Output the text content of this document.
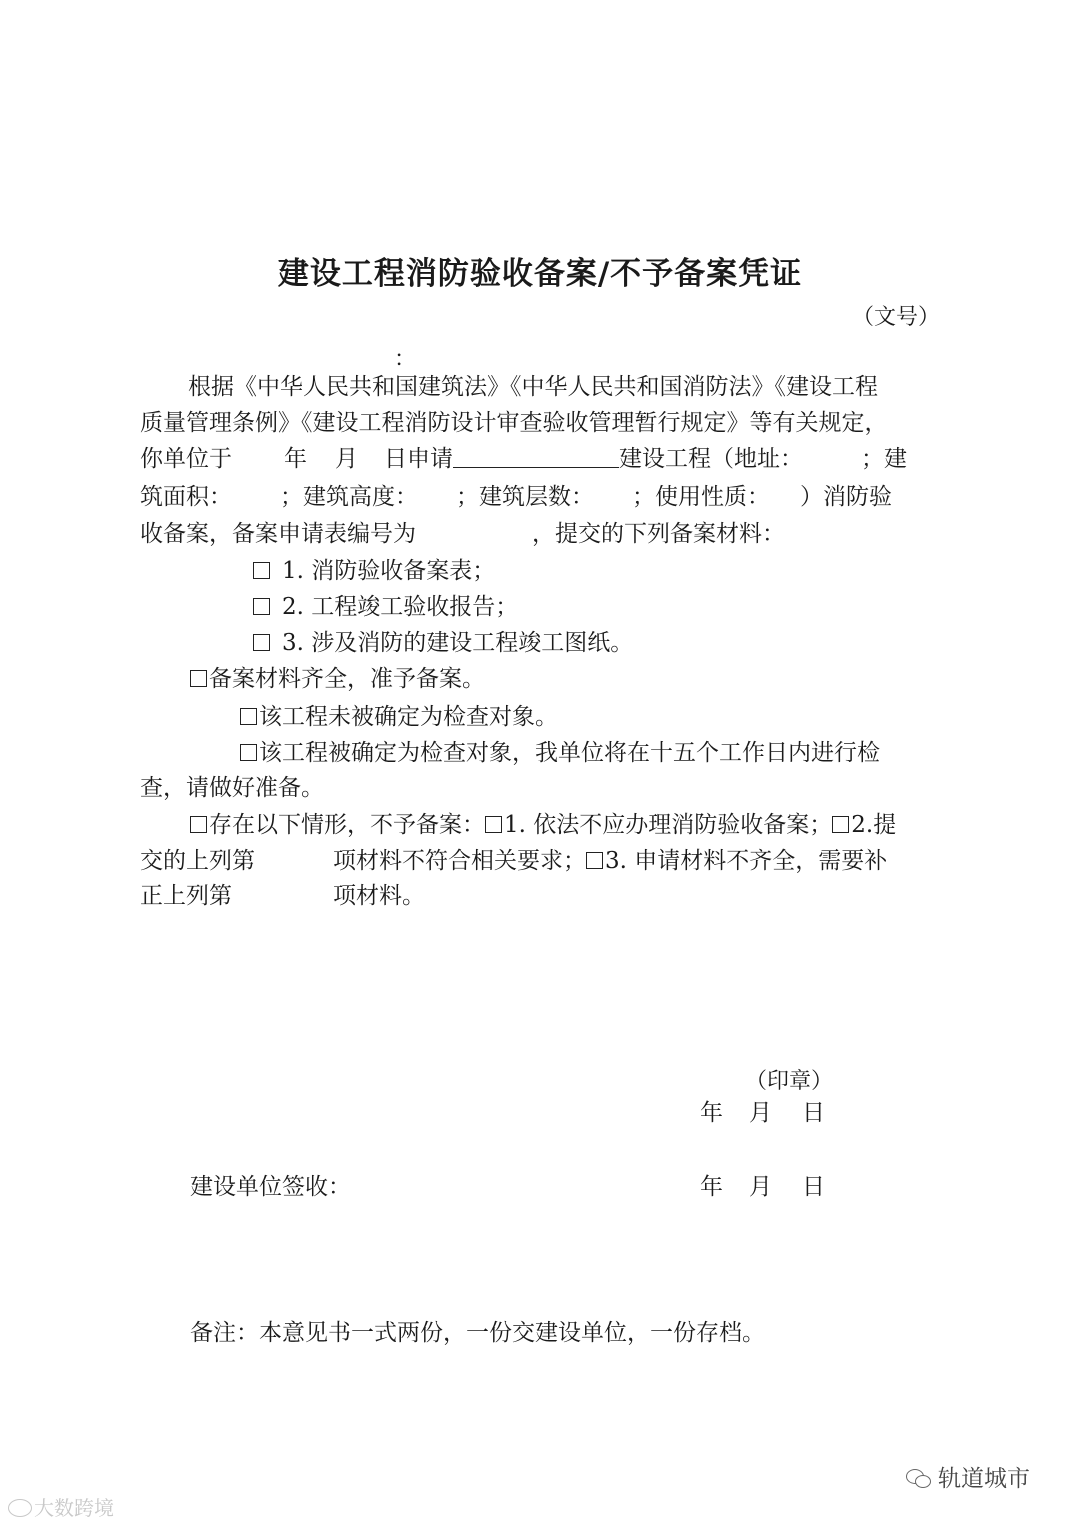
建设工程消防验收备案/不予备案凭证
（文号）
：
根据《中华人民共和国建筑法》《中华人民共和国消防法》《建设工程
质量管理条例》《建设工程消防设计审查验收管理暂行规定》等有关规定，
你单位于 年 月 日申请	建设工程（地址：	；建
筑面积： ；建筑高度： ；建筑层数： ；使用性质： ）消防验
收备案，备案申请表编号为	，提交的下列备案材料：
1. 消防验收备案表；
2. 工程竣工验收报告；
3. 涉及消防的建设工程竣工图纸。
备案材料齐全，准予备案。
该工程未被确定为检查对象。
该工程被确定为检查对象，我单位将在十五个工作日内进行检
查，请做好准备。
存在以下情形，不予备案： 1. 依法不应办理消防验收备案； 2.提
交的上列第	项材料不符合相关要求； 3. 申请材料不齐全，需要补
正上列第	项材料。
（印章）
年 月 日
建设单位签收：	年 月 日
备注：本意见书一式两份，一份交建设单位，一份存档。
大数跨境
轨道城市
